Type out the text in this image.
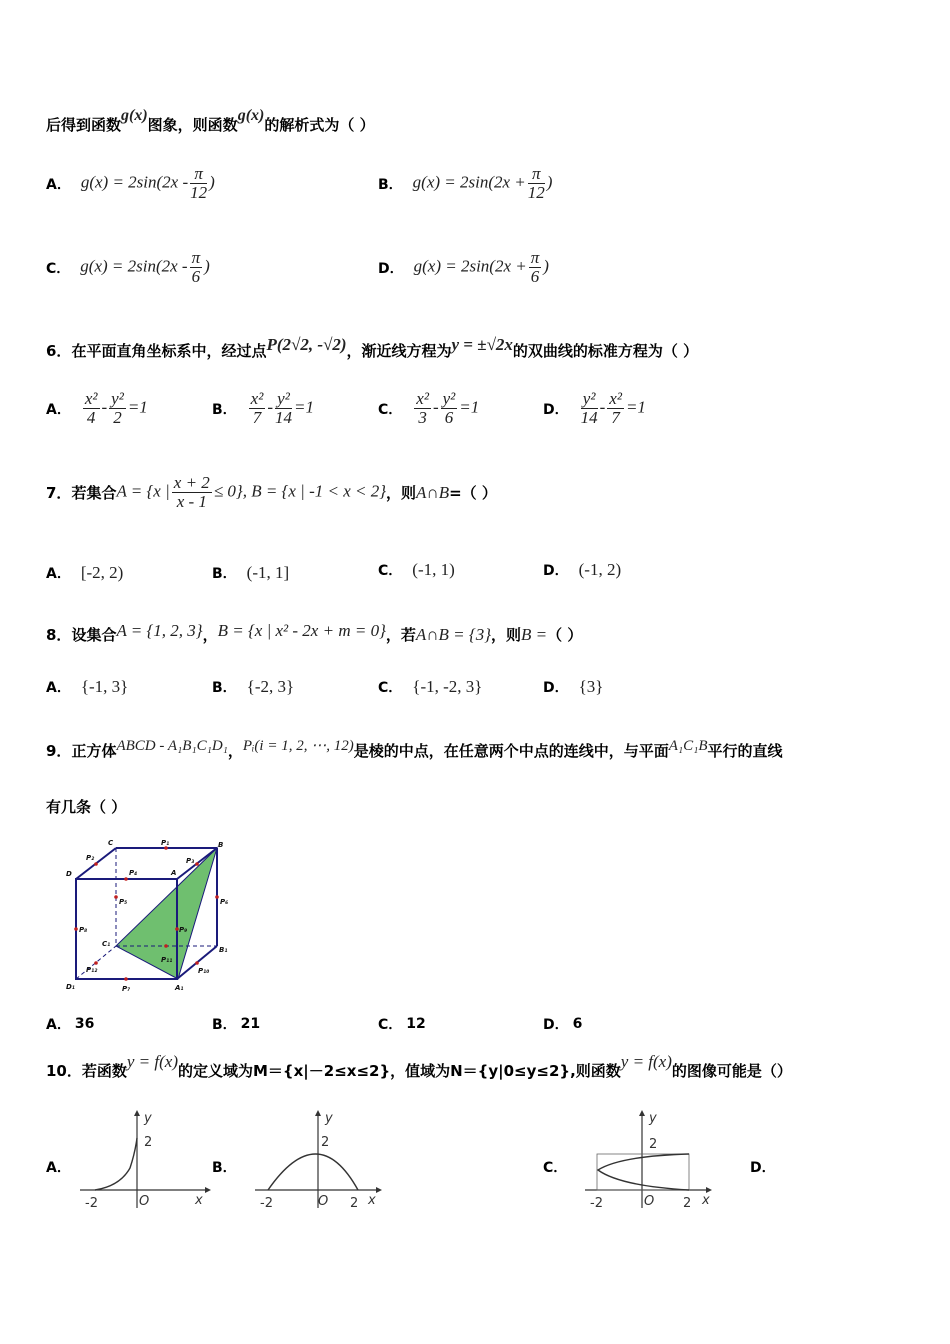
后得到函数g(x)图象，则函数g(x)的解析式为（ ）
A． $g(x) = 2\sin(2x - \frac{\pi}{12}$ )	B． $g(x) = 2\sin(2x + \frac{\pi}{12}$ )
C． $g(x) = 2\sin(2x - \frac{\pi}{6}$ )	D． $g(x) = 2\sin(2x + \frac{\pi}{6}$ )
6．在平面直角坐标系中，经过点P(2√2, -√2)，渐近线方程为y = ±√2x的双曲线的标准方程为（ ）
A． $\frac{\text{x²}}{4} - \frac{\text{y²}}{2} =1$	B． $\frac{\text{x²}}{7} - \frac{\text{y²}}{14} =1$	C． $\frac{\text{x²}}{3} - \frac{\text{y²}}{6} =1$	D． $\frac{\text{y²}}{14} - \frac{\text{x²}}{7} =1$
7． 若集合 A = {x | $\frac{x + 2}{x - 1} \le 0$}, B = {x | -1 < x < 2} ，则 A∩B =（ ）
A． [-2, 2)	B． (-1, 1]	C． (-1, 1)	D． (-1, 2)
8．设集合A = {1, 2, 3}，B = {x | x² - 2x + m = 0}，若A∩B = {3}，则B =（ ）
A． {-1, 3}	B． {-2, 3}	C． {-1, -2, 3}	D． {3}
9．正方体ABCD - A₁B₁C₁D₁，Pᵢ(i = 1, 2, ⋯, 12)是棱的中点，在任意两个中点的连线中，与平面A₁C₁B平行的直线
有几条（ ）
C	B
D	A
C₁
B₁
D₁	A₁
P₁
P₂	P₃
P₄
P₅	P₆
P₈	P₉
P₁₁
P₁₂	P₁₀
P₇
A． 36	B． 21	C． 12	D． 6
10．若函数y = f(x)的定义域为M＝{x|－2≤x≤2}，值域为N＝{y|0≤y≤2},则函数y = f(x)的图像可能是（）
A．	B．	C．	D．
y
2
-2	O	x
y
2
-2	O 2 x
y
2
-2	O 2 x
